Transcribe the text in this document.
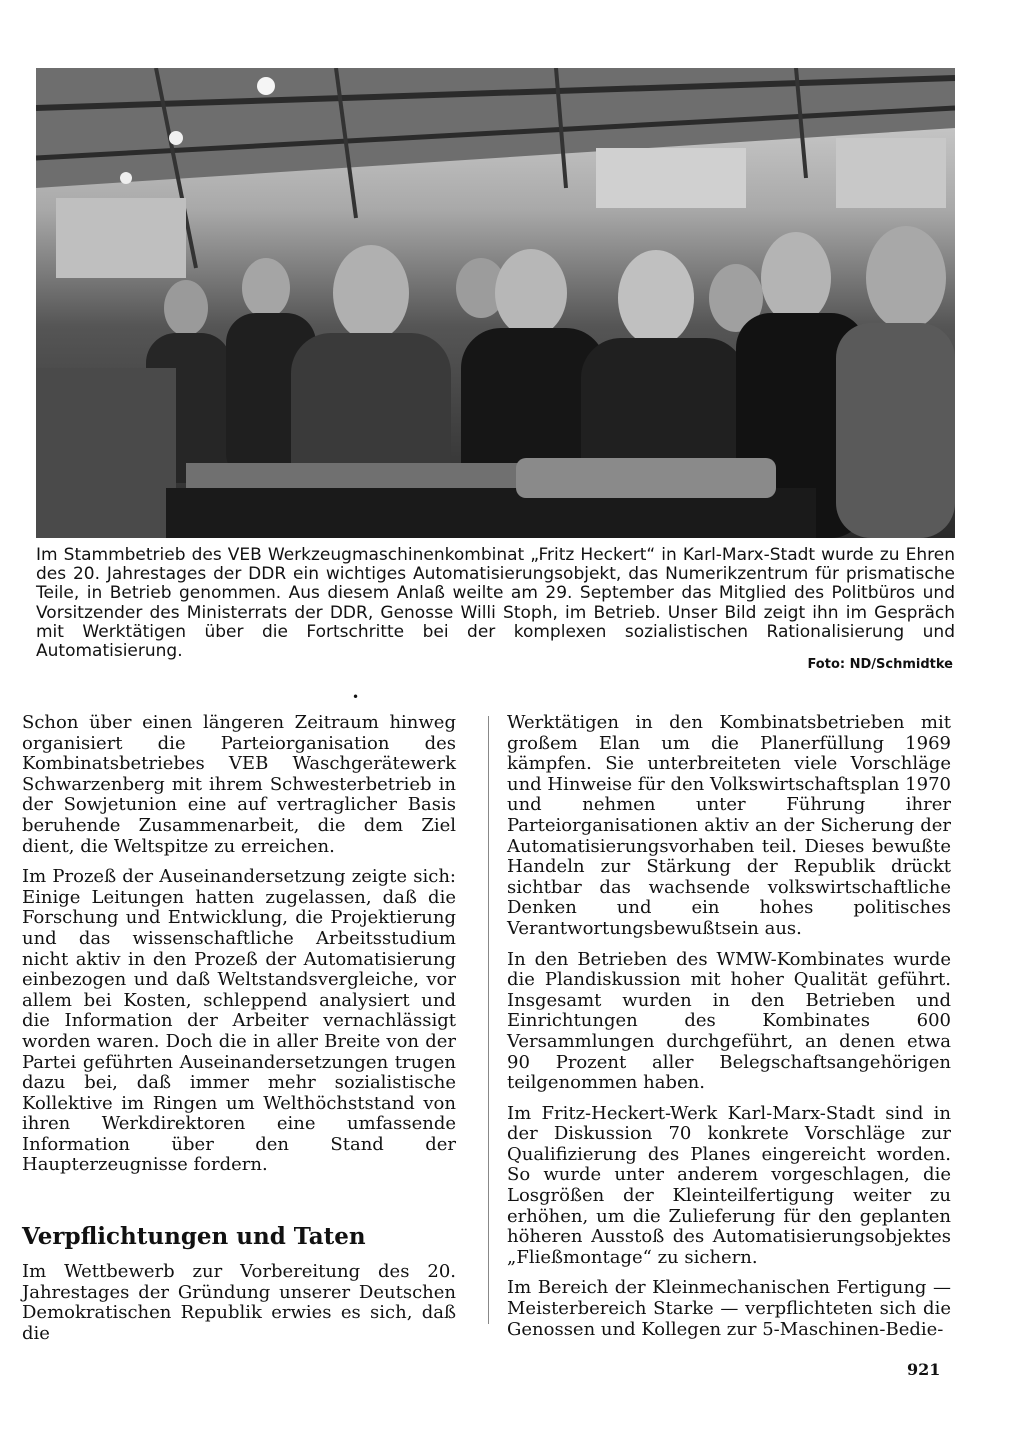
Im Stammbetrieb des VEB Werkzeugmaschinenkombinat „Fritz Heckert“ in Karl-Marx-Stadt wurde zu Ehren des 20. Jahrestages der DDR ein wichtiges Automatisierungsobjekt, das Numerikzentrum für prismatische Teile, in Betrieb genommen. Aus diesem Anlaß weilte am 29. September das Mitglied des Politbüros und Vorsitzender des Ministerrats der DDR, Genosse Willi Stoph, im Betrieb. Unser Bild zeigt ihn im Gespräch mit Werktätigen über die Fortschritte bei der komplexen sozialistischen Rationalisierung und Automatisierung.

Foto: ND/Schmidtke
•

Schon über einen längeren Zeitraum hinweg organisiert die Parteiorganisation des Kombinatsbetriebes VEB Waschgerätewerk Schwarzenberg mit ihrem Schwesterbetrieb in der Sowjetunion eine auf vertraglicher Basis beruhende Zusammenarbeit, die dem Ziel dient, die Weltspitze zu erreichen.

Im Prozeß der Auseinandersetzung zeigte sich: Einige Leitungen hatten zugelassen, daß die Forschung und Entwicklung, die Projektierung und das wissenschaftliche Arbeitsstudium nicht aktiv in den Prozeß der Automatisierung einbezogen und daß Weltstandsvergleiche, vor allem bei Kosten, schleppend analysiert und die Information der Arbeiter vernachlässigt worden waren. Doch die in aller Breite von der Partei geführten Auseinandersetzungen trugen dazu bei, daß immer mehr sozialistische Kollektive im Ringen um Welthöchststand von ihren Werkdirektoren eine umfassende Information über den Stand der Haupterzeugnisse fordern.

Verpflichtungen und Taten

Im Wettbewerb zur Vorbereitung des 20. Jahrestages der Gründung unserer Deutschen Demokratischen Republik erwies es sich, daß die

Werktätigen in den Kombinatsbetrieben mit großem Elan um die Planerfüllung 1969 kämpfen. Sie unterbreiteten viele Vorschläge und Hinweise für den Volkswirtschaftsplan 1970 und nehmen unter Führung ihrer Parteiorganisationen aktiv an der Sicherung der Automatisierungsvorhaben teil. Dieses bewußte Handeln zur Stärkung der Republik drückt sichtbar das wachsende volkswirtschaftliche Denken und ein hohes politisches Verantwortungsbewußtsein aus.

In den Betrieben des WMW-Kombinates wurde die Plandiskussion mit hoher Qualität geführt. Insgesamt wurden in den Betrieben und Einrichtungen des Kombinates 600 Versammlungen durchgeführt, an denen etwa 90 Prozent aller Belegschaftsangehörigen teilgenommen haben.

Im Fritz-Heckert-Werk Karl-Marx-Stadt sind in der Diskussion 70 konkrete Vorschläge zur Qualifizierung des Planes eingereicht worden. So wurde unter anderem vorgeschlagen, die Losgrößen der Kleinteilfertigung weiter zu erhöhen, um die Zulieferung für den geplanten höheren Ausstoß des Automatisierungsobjektes „Fließmontage“ zu sichern.

Im Bereich der Kleinmechanischen Fertigung — Meisterbereich Starke — verpflichteten sich die Genossen und Kollegen zur 5-Maschinen-Bedie-

921
